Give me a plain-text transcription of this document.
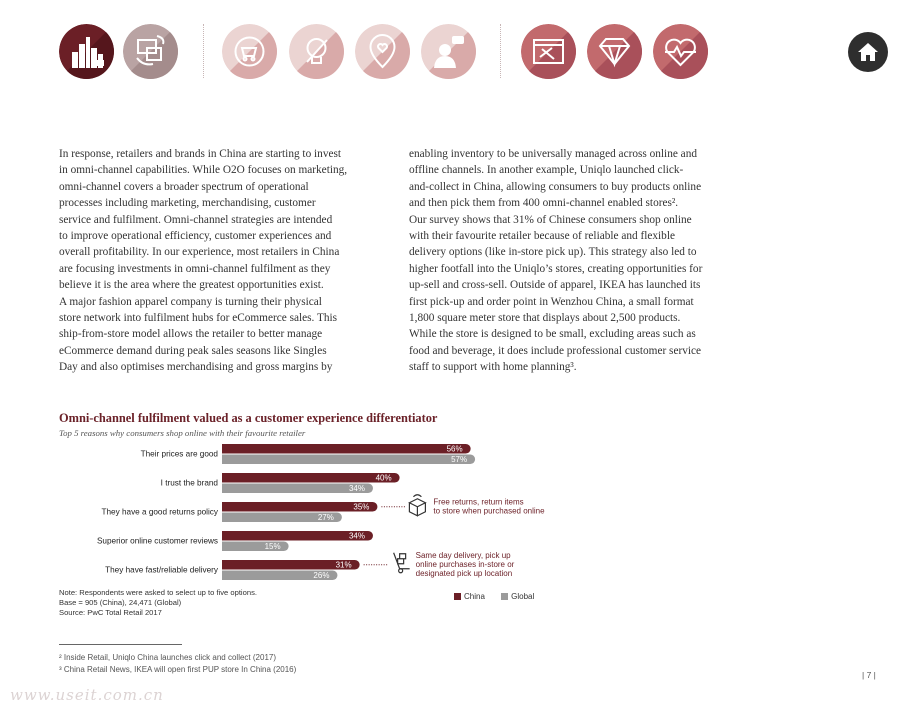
In response, retailers and brands in China are starting to invest

in omni-channel capabilities. While O2O focuses on marketing,

omni-channel covers a broader spectrum of operational

processes including marketing, merchandising, customer

service and fulfilment. Omni-channel strategies are intended

to improve operational efficiency, customer experiences and

overall profitability. In our experience, most retailers in China

are focusing investments in omni-channel fulfilment as they

believe it is the area where the greatest opportunities exist.

A major fashion apparel company is turning their physical

store network into fulfilment hubs for eCommerce sales. This

ship-from-store model allows the retailer to better manage

eCommerce demand during peak sales seasons like Singles

Day and also optimises merchandising and gross margins by

enabling inventory to be universally managed across online and

offline channels. In another example, Uniqlo launched click-

and-collect in China, allowing consumers to buy products online

and then pick them from 400 omni-channel enabled stores².

Our survey shows that 31% of Chinese consumers shop online

with their favourite retailer because of reliable and flexible

delivery options (like in-store pick up). This strategy also led to

higher footfall into the Uniqlo’s stores, creating opportunities for

up-sell and cross-sell. Outside of apparel, IKEA has launched its

first pick-up and order point in Wenzhou China, a small format

1,800 square meter store that displays about 2,500 products.

While the store is designed to be small, excluding areas such as

food and beverage, it does include professional customer service

staff to support with home planning³.

Omni-channel fulfilment valued as a customer experience differentiator
Top 5 reasons why consumers shop online with their favourite retailer
Their prices are good
56%
57%
I trust the brand
40%
34%
They have a good returns policy
35%
27%
Superior online customer reviews
34%
15%
They have fast/reliable delivery
31%
26%
Free returns, return items
to store when purchased online
Same day delivery, pick up
online purchases in-store or
designated pick up location
Note: Respondents were asked to select up to five options.
Base = 905 (China), 24,471 (Global)
Source: PwC Total Retail 2017
China	Global
² Inside Retail, Uniqlo China launches click and collect (2017)
³ China Retail News, IKEA will open first PUP store In China (2016)
| 7 |
www.useit.com.cn
